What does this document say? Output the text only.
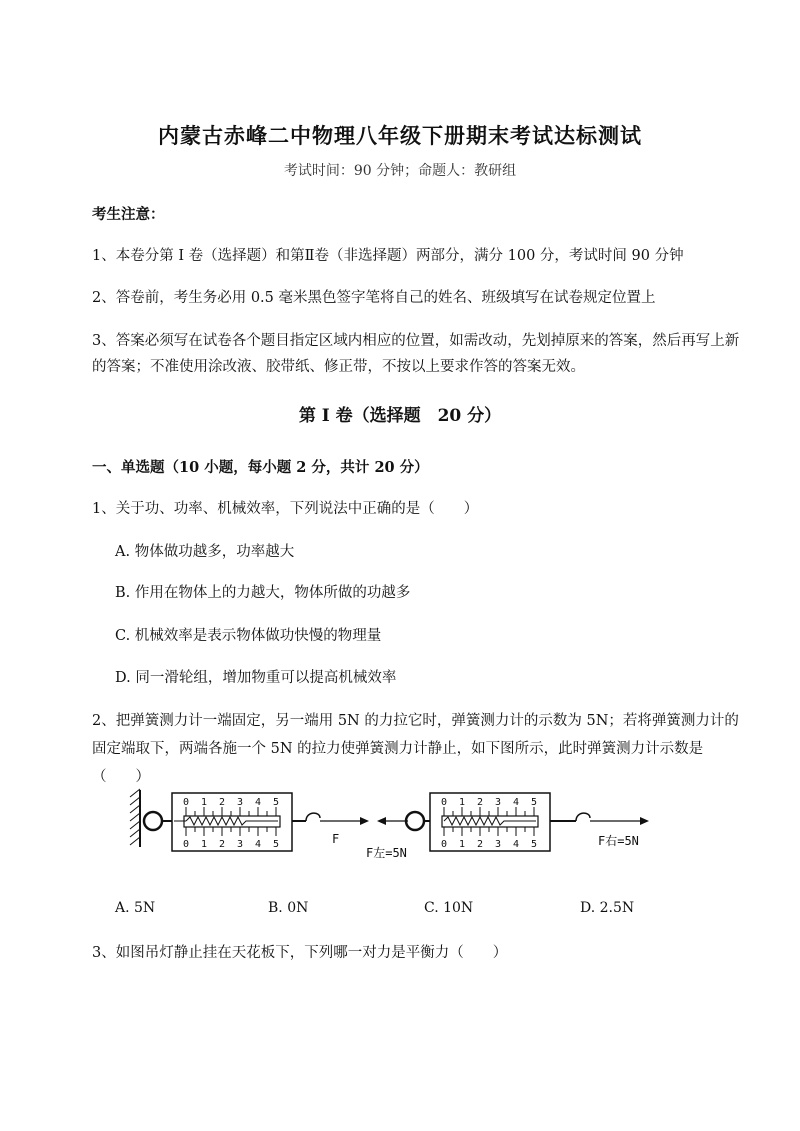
内蒙古赤峰二中物理八年级下册期末考试达标测试
考试时间：90 分钟；命题人：教研组
考生注意：
1、本卷分第 I 卷（选择题）和第Ⅱ卷（非选择题）两部分，满分 100 分，考试时间 90 分钟
2、答卷前，考生务必用 0.5 毫米黑色签字笔将自己的姓名、班级填写在试卷规定位置上
3、答案必须写在试卷各个题目指定区域内相应的位置，如需改动，先划掉原来的答案，然后再写上新的答案；不准使用涂改液、胶带纸、修正带，不按以上要求作答的答案无效。
第 I 卷（选择题　20 分）
一、单选题（10 小题，每小题 2 分，共计 20 分）
1、关于功、功率、机械效率，下列说法中正确的是（　　）
A. 物体做功越多，功率越大
B. 作用在物体上的力越大，物体所做的功越多
C. 机械效率是表示物体做功快慢的物理量
D. 同一滑轮组，增加物重可以提高机械效率
2、把弹簧测力计一端固定，另一端用 5N 的力拉它时，弹簧测力计的示数为 5N；若将弹簧测力计的固定端取下，两端各施一个 5N 的拉力使弹簧测力计静止，如下图所示，此时弹簧测力计示数是（　　）
0 1 2 3 4 5
0 1 2 3 4 5	F
0 1 2 3 4 5
0 1 2 3 4 5
F左=5N
F右=5N
A. 5N	B. 0N	C. 10N	D. 2.5N
3、如图吊灯静止挂在天花板下，下列哪一对力是平衡力（　　）
